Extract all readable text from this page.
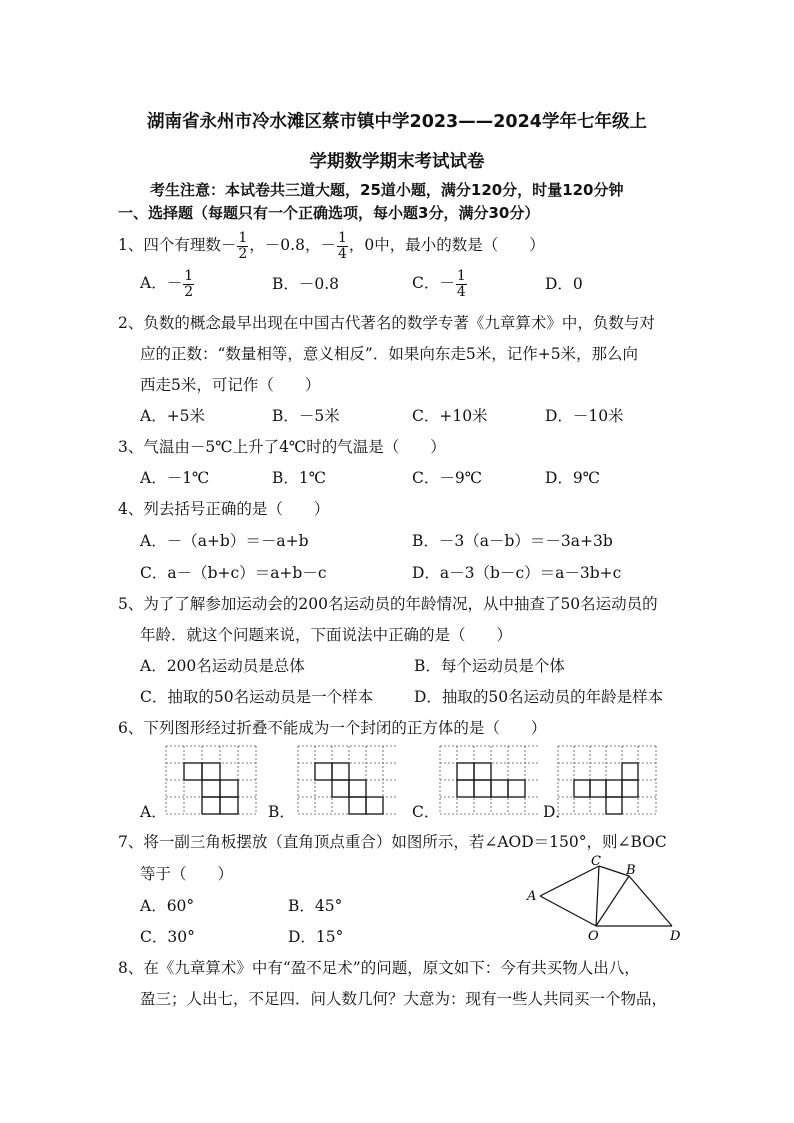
湖南省永州市冷水滩区蔡市镇中学2023——2024学年七年级上
学期数学期末考试试卷
考生注意：本试卷共三道大题，25道小题，满分120分，时量120分钟
一、选择题（每题只有一个正确选项，每小题3分，满分30分）
1、四个有理数－ $\frac{1}{2}$ ，－0.8，－ $\frac{1}{4}$ ，0中，最小的数是（　　）
A．－ $\frac{1}{2}$	B．－0.8	C．－ $\frac{1}{4}$	D．0
2、负数的概念最早出现在中国古代著名的数学专著《九章算术》中，负数与对
应的正数：“数量相等，意义相反”．如果向东走5米，记作+5米，那么向
西走5米，可记作（　　）
A．+5米	B．－5米	C．+10米	D．－10米
3、气温由－5℃上升了4℃时的气温是（　　）
A．－1℃	B．1℃	C．－9℃	D．9℃
4、列去括号正确的是（　　）
A．－（a+b）＝－a+b	B．－3（a－b）＝－3a+3b
C．a－（b+c）＝a+b－c	D．a－3（b－c）＝a－3b+c
5、为了了解参加运动会的200名运动员的年龄情况，从中抽查了50名运动员的
年龄．就这个问题来说，下面说法中正确的是（　　）
A．200名运动员是总体	B．每个运动员是个体
C．抽取的50名运动员是一个样本	D．抽取的50名运动员的年龄是样本
6、下列图形经过折叠不能成为一个封闭的正方体的是（　　）
A．	B．	C．	D．
7、将一副三角板摆放（直角顶点重合）如图所示，若∠AOD＝150°，则∠BOC
等于（　　）
A．60°	B．45°
C．30°	D．15°
A
C
B
O	D
8、在《九章算术》中有“盈不足术”的问题，原文如下：今有共买物人出八，
盈三；人出七，不足四．问人数几何？大意为：现有一些人共同买一个物品，
